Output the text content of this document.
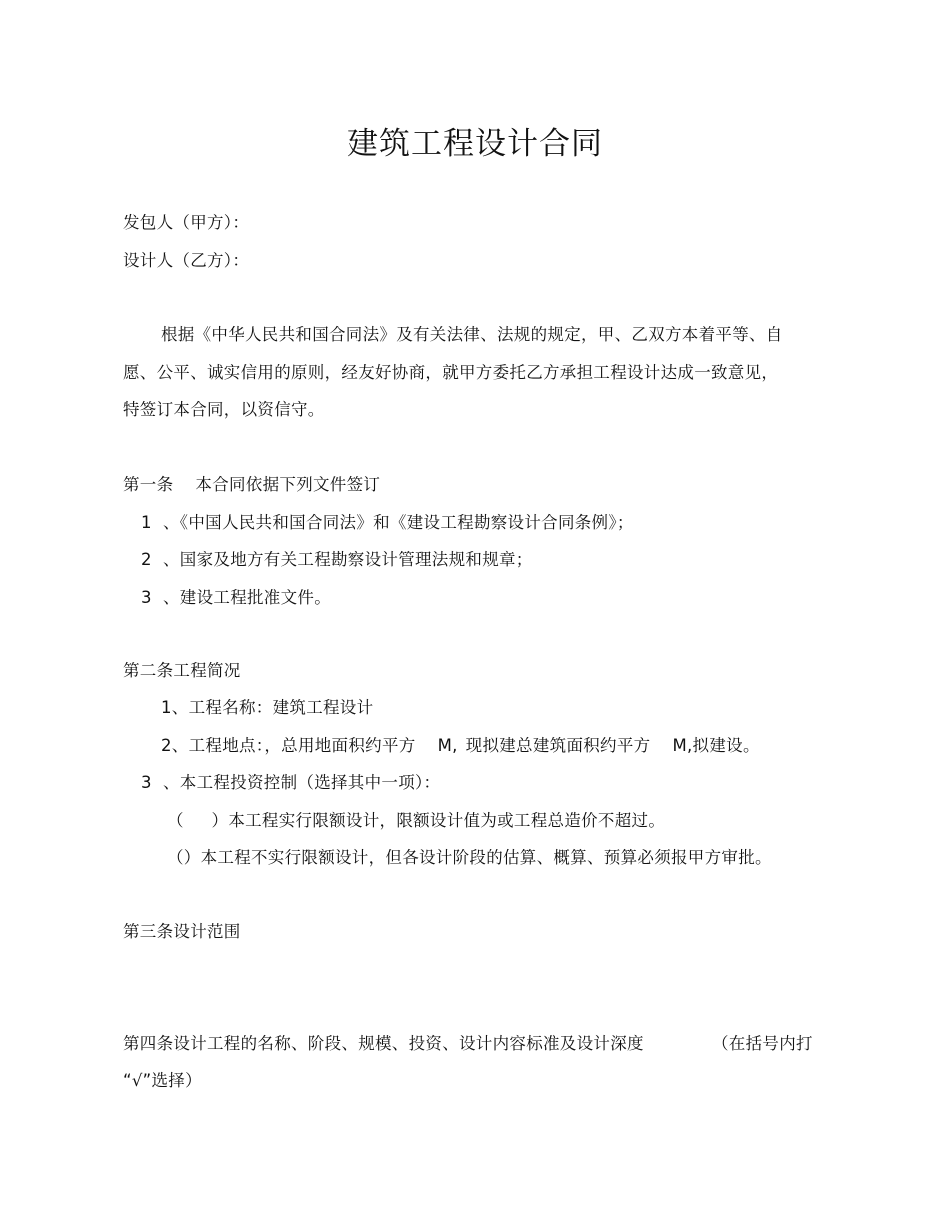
建筑工程设计合同
发包人（甲方）：
设计人（乙方）：
根据《中华人民共和国合同法》及有关法律、法规的规定，甲、乙双方本着平等、自
愿、公平、诚实信用的原则，经友好协商，就甲方委托乙方承担工程设计达成一致意见，
特签订本合同，以资信守。
第一条 本合同依据下列文件签订
1 、《中国人民共和国合同法》和《建设工程勘察设计合同条例》；
2 、国家及地方有关工程勘察设计管理法规和规章；
3 、建设工程批准文件。
第二条工程简况
1、工程名称：建筑工程设计
2、工程地点：，总用地面积约平方 M, 现拟建总建筑面积约平方 M,拟建设。
3 、本工程投资控制（选择其中一项）：
（     ）本工程实行限额设计，限额设计值为或工程总造价不超过。
（）本工程不实行限额设计，但各设计阶段的估算、概算、预算必须报甲方审批。
第三条设计范围
第四条设计工程的名称、阶段、规模、投资、设计内容标准及设计深度	（在括号内打
“√”选择）
